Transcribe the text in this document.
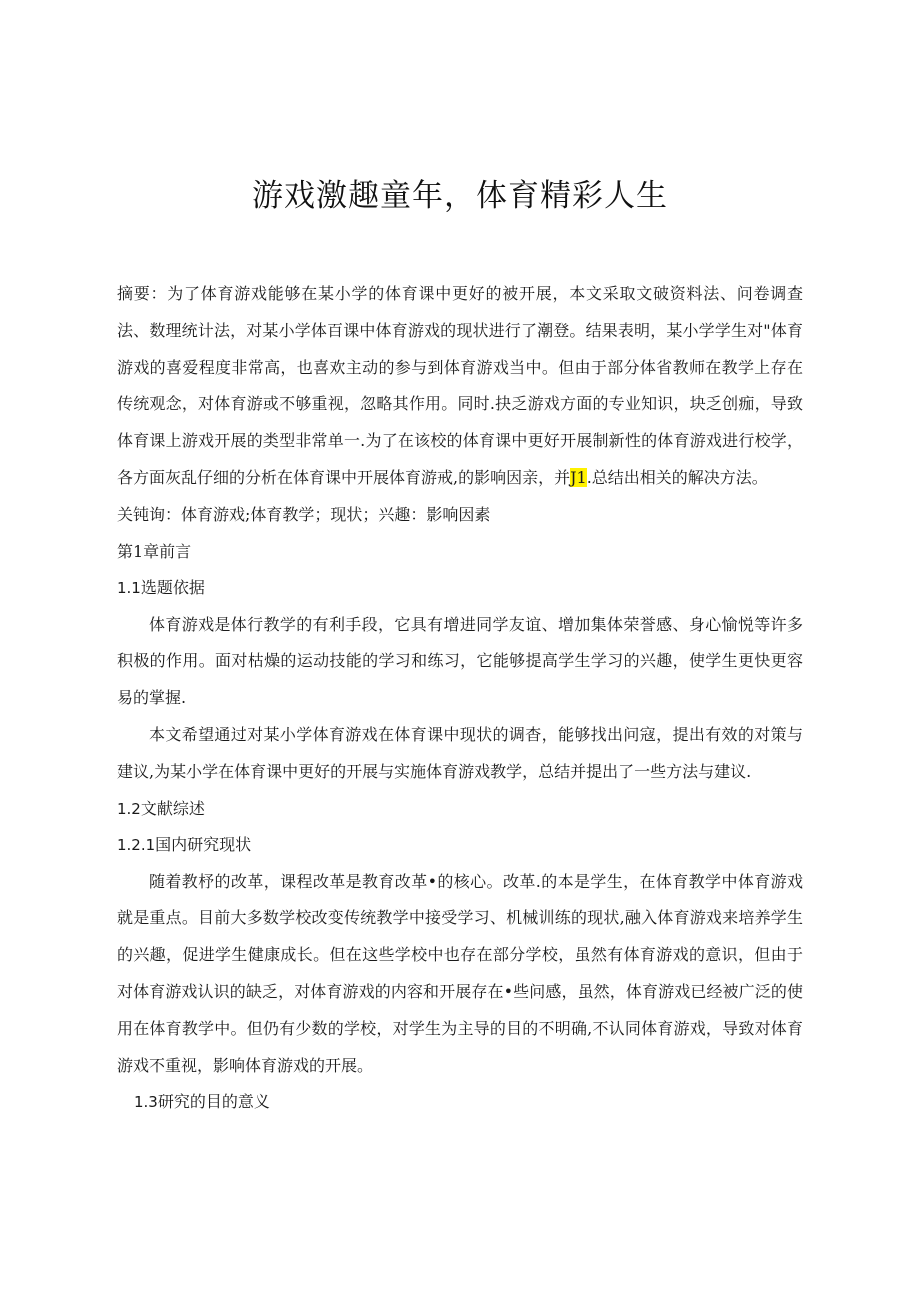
游戏激趣童年，体育精彩人生

摘要：为了体育游戏能够在某小学的体育课中更好的被开展，本文采取文破资料法、问卷调查法、数理统计法，对某小学体百课中体育游戏的现状进行了潮登。结果表明，某小学学生对"体育游戏的喜爱程度非常高，也喜欢主动的参与到体育游戏当中。但由于部分体省教师在教学上存在传统观念，对体育游或不够重视，忽略其作用。同时.抉乏游戏方面的专业知识，块乏创痂，导致体育课上游戏开展的类型非常单一.为了在该校的体育课中更好开展制新性的体育游戏进行校学，各方面灰乱仔细的分析在体育课中开展体育游戒,的影响因亲，并J1.总结出相关的解决方法。

关钝询：体育游戏;体育教学；现状；兴趣：影响因素

第1章前言

1.1选题依据

体育游戏是体行教学的有利手段，它具有增进同学友谊、增加集体荣誉感、身心愉悦等许多积极的作用。面对枯燥的运动技能的学习和练习，它能够提高学生学习的兴趣，使学生更快更容易的掌握.

本文希望通过对某小学体育游戏在体育课中现状的调杳，能够找出问寇，提出有效的对策与建议,为某小学在体育课中更好的开展与实施体育游戏教学，总结并提出了一些方法与建议.

1.2文献综述

1.2.1国内研究现状

随着教杼的改革，课程改革是教育改革•的核心。改革.的本是学生，在体育教学中体育游戏就是重点。目前大多数学校改变传统教学中接受学习、机械训练的现状,融入体育游戏来培养学生的兴趣，促进学生健康成长。但在这些学校中也存在部分学校，虽然有体育游戏的意识，但由于对体育游戏认识的缺乏，对体育游戏的内容和开展存在•些问感，虽然，体育游戏已经被广泛的使用在体育教学中。但仍有少数的学校，对学生为主导的目的不明确,不认同体育游戏，导致对体育游戏不重视，影响体育游戏的开展。

1.3研究的目的意义
